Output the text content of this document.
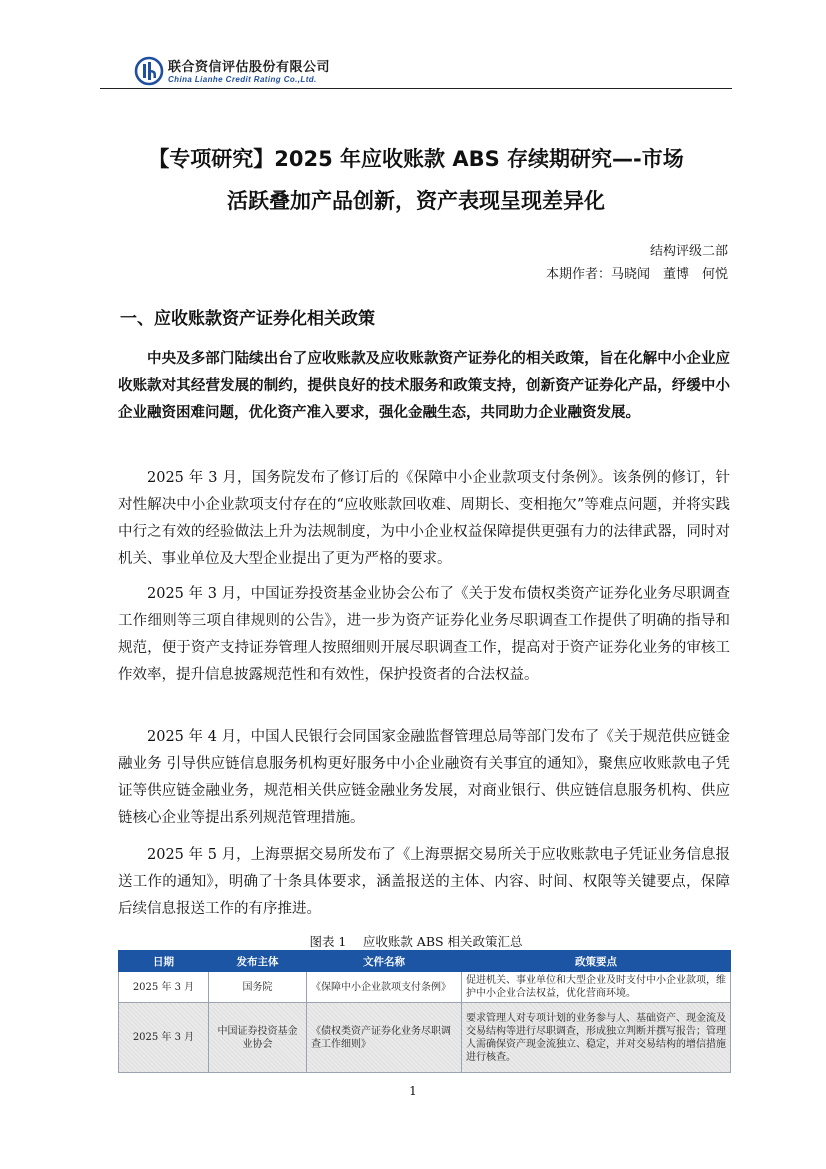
联合资信评估股份有限公司
China Lianhe Credit Rating Co.,Ltd.
【专项研究】2025 年应收账款 ABS 存续期研究—-市场
活跃叠加产品创新，资产表现呈现差异化
结构评级二部
本期作者：马晓闻　董博　何悦
一、应收账款资产证券化相关政策

中央及多部门陆续出台了应收账款及应收账款资产证券化的相关政策，旨在化解中小企业应收账款对其经营发展的制约，提供良好的技术服务和政策支持，创新资产证券化产品，纾缓中小企业融资困难问题，优化资产准入要求，强化金融生态，共同助力企业融资发展。

2025 年 3 月，国务院发布了修订后的《保障中小企业款项支付条例》。该条例的修订，针对性解决中小企业款项支付存在的“应收账款回收难、周期长、变相拖欠”等难点问题，并将实践中行之有效的经验做法上升为法规制度，为中小企业权益保障提供更强有力的法律武器，同时对机关、事业单位及大型企业提出了更为严格的要求。

2025 年 3 月，中国证券投资基金业协会公布了《关于发布债权类资产证券化业务尽职调查工作细则等三项自律规则的公告》，进一步为资产证券化业务尽职调查工作提供了明确的指导和规范，便于资产支持证券管理人按照细则开展尽职调查工作，提高对于资产证券化业务的审核工作效率，提升信息披露规范性和有效性，保护投资者的合法权益。

2025 年 4 月，中国人民银行会同国家金融监督管理总局等部门发布了《关于规范供应链金融业务 引导供应链信息服务机构更好服务中小企业融资有关事宜的通知》，聚焦应收账款电子凭证等供应链金融业务，规范相关供应链金融业务发展，对商业银行、供应链信息服务机构、供应链核心企业等提出系列规范管理措施。

2025 年 5 月，上海票据交易所发布了《上海票据交易所关于应收账款电子凭证业务信息报送工作的通知》，明确了十条具体要求，涵盖报送的主体、内容、时间、权限等关键要点，保障后续信息报送工作的有序推进。

图表 1　 应收账款 ABS 相关政策汇总
日期	发布主体	文件名称	政策要点
2025 年 3 月	国务院	《保障中小企业款项支付条例》	促进机关、事业单位和大型企业及时支付中小企业款项，维护中小企业合法权益，优化营商环境。
2025 年 3 月	中国证券投资基金业协会	《债权类资产证券化业务尽职调查工作细则》	要求管理人对专项计划的业务参与人、基础资产、现金流及交易结构等进行尽职调查，形成独立判断并撰写报告；管理人需确保资产现金流独立、稳定，并对交易结构的增信措施进行核查。
1
